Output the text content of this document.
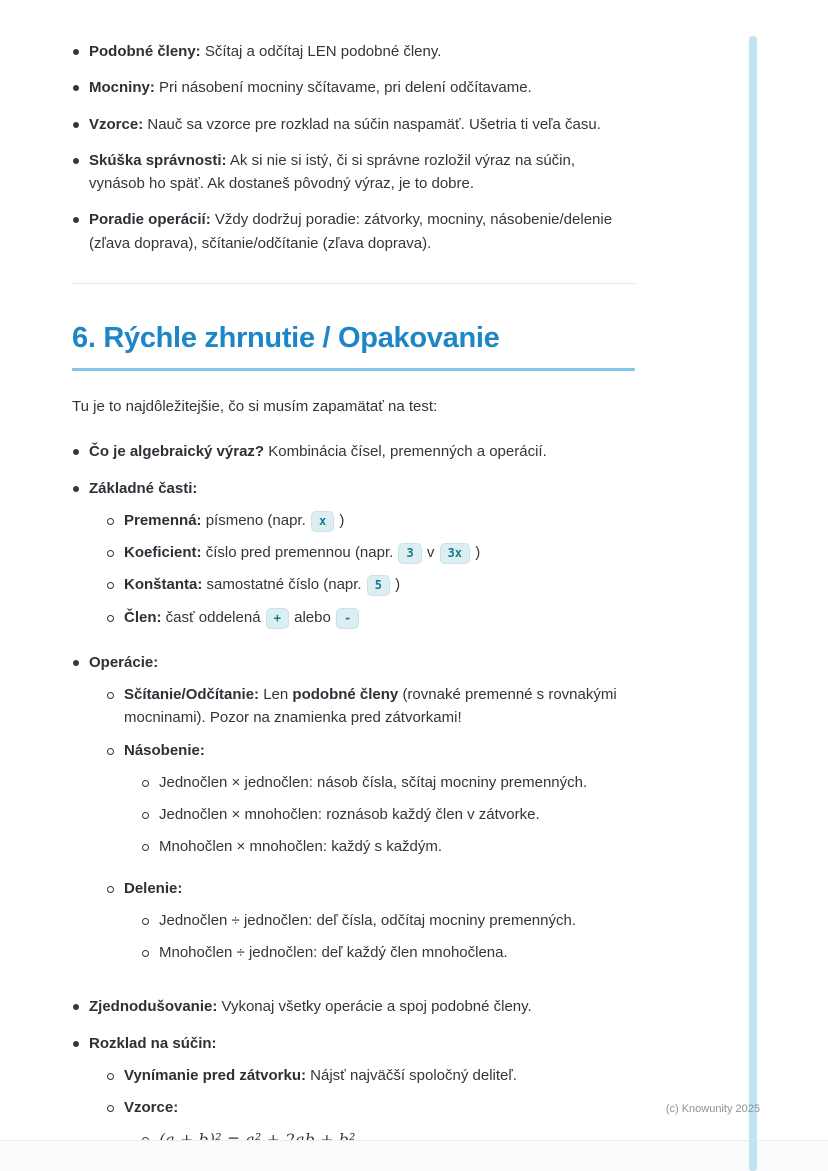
Podobné členy: Sčítaj a odčítaj LEN podobné členy.
Mocniny: Pri násobení mocniny sčítavame, pri delení odčítavame.
Vzorce: Nauč sa vzorce pre rozklad na súčin naspamäť. Ušetria ti veľa času.
Skúška správnosti: Ak si nie si istý, či si správne rozložil výraz na súčin, vynásob ho späť. Ak dostaneš pôvodný výraz, je to dobre.
Poradie operácií: Vždy dodržuj poradie: zátvorky, mocniny, násobenie/delenie (zľava doprava), sčítanie/odčítanie (zľava doprava).
6. Rýchle zhrnutie / Opakovanie

Tu je to najdôležitejšie, čo si musím zapamätať na test:

Čo je algebraický výraz? Kombinácia čísel, premenných a operácií.
Základné časti:
Premenná: písmeno (napr. x )
Koeficient: číslo pred premennou (napr. 3 v 3x )
Konštanta: samostatné číslo (napr. 5 )
Člen: časť oddelená + alebo -
Operácie:
Sčítanie/Odčítanie: Len podobné členy (rovnaké premenné s rovnakými mocninami). Pozor na znamienka pred zátvorkami!
Násobenie:
Jednočlen × jednočlen: násob čísla, sčítaj mocniny premenných.
Jednočlen × mnohočlen: roznásob každý člen v zátvorke.
Mnohočlen × mnohočlen: každý s každým.
Delenie:
Jednočlen ÷ jednočlen: deľ čísla, odčítaj mocniny premenných.
Mnohočlen ÷ jednočlen: deľ každý člen mnohočlena.
Zjednodušovanie: Vykonaj všetky operácie a spoj podobné členy.
Rozklad na súčin:
Vynímanie pred zátvorku: Nájsť najväčší spoločný deliteľ.
Vzorce:	(c) Knowunity 2025
